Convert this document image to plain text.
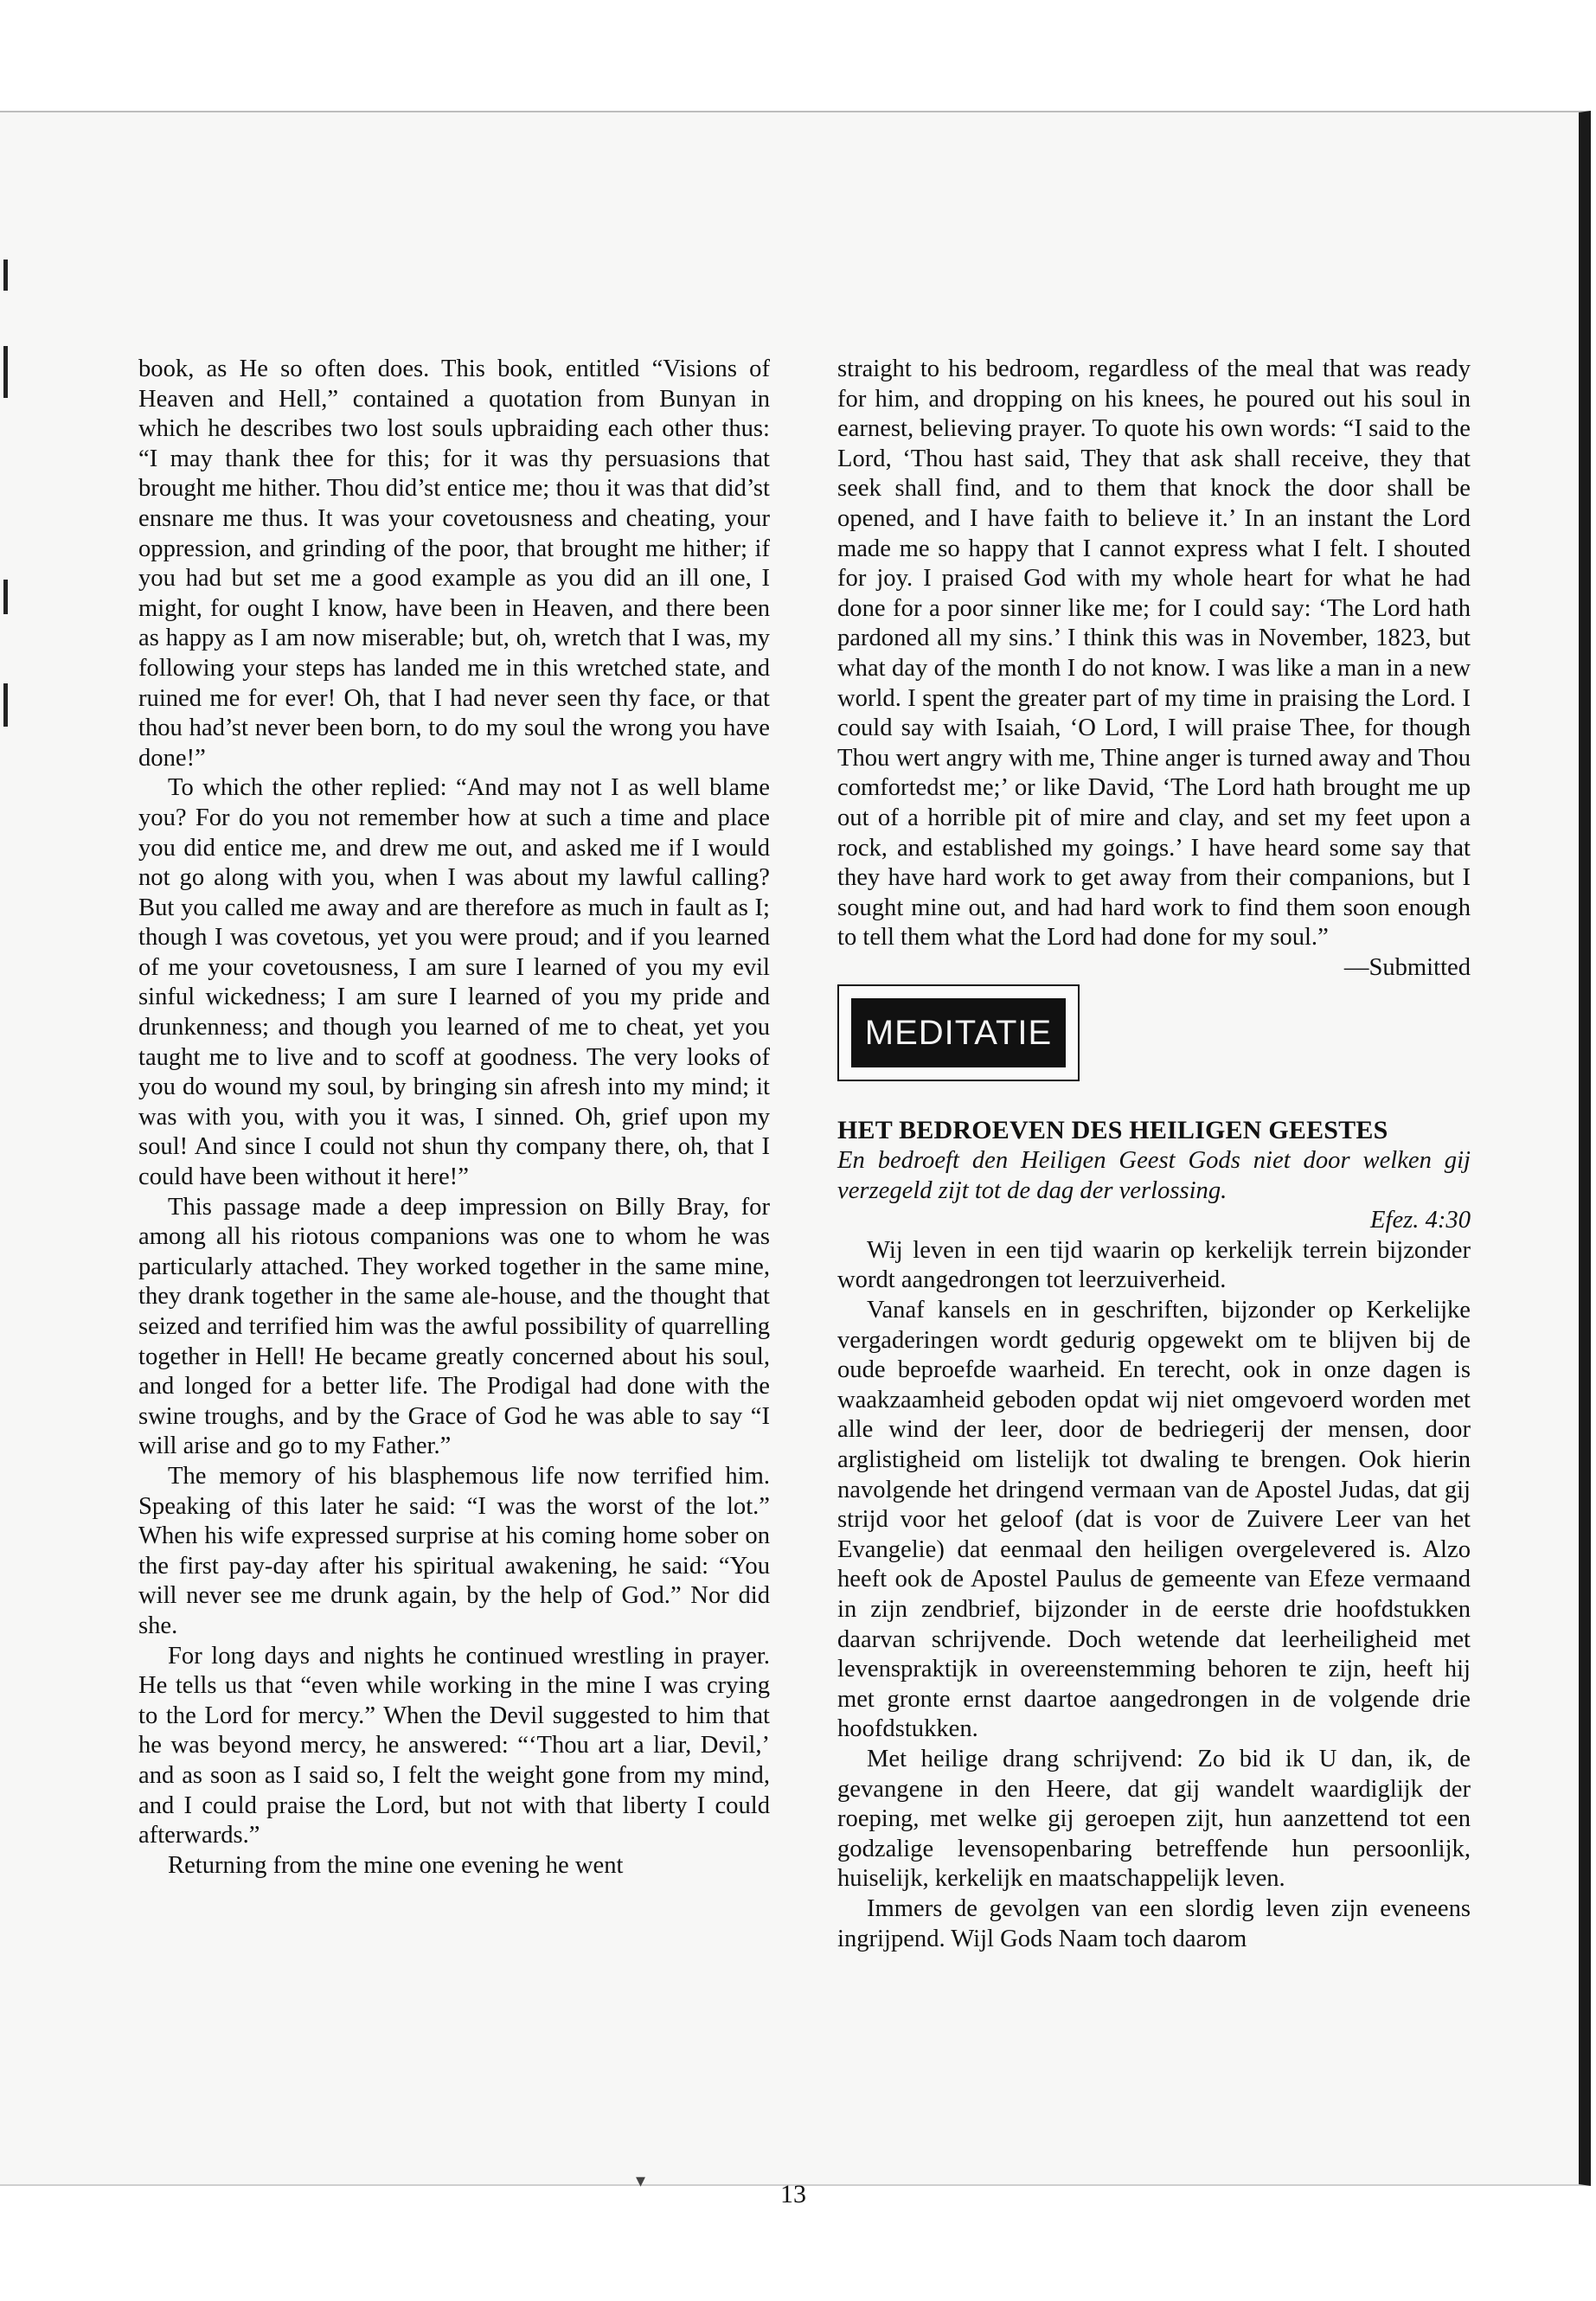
book, as He so often does. This book, entitled “Visions of Heaven and Hell,” contained a quotation from Bunyan in which he describes two lost souls upbraiding each other thus: “I may thank thee for this; for it was thy persuasions that brought me hither. Thou did’st entice me; thou it was that did’st ensnare me thus. It was your covetousness and cheating, your oppression, and grinding of the poor, that brought me hither; if you had but set me a good example as you did an ill one, I might, for ought I know, have been in Heaven, and there been as happy as I am now miserable; but, oh, wretch that I was, my following your steps has landed me in this wretched state, and ruined me for ever! Oh, that I had never seen thy face, or that thou had’st never been born, to do my soul the wrong you have done!”

To which the other replied: “And may not I as well blame you? For do you not remember how at such a time and place you did entice me, and drew me out, and asked me if I would not go along with you, when I was about my lawful calling? But you called me away and are therefore as much in fault as I; though I was covetous, yet you were proud; and if you learned of me your covetousness, I am sure I learned of you my evil sinful wickedness; I am sure I learned of you my pride and drunkenness; and though you learned of me to cheat, yet you taught me to live and to scoff at goodness. The very looks of you do wound my soul, by bringing sin afresh into my mind; it was with you, with you it was, I sinned. Oh, grief upon my soul! And since I could not shun thy company there, oh, that I could have been without it here!”

This passage made a deep impression on Billy Bray, for among all his riotous companions was one to whom he was particularly attached. They worked together in the same mine, they drank together in the same ale-house, and the thought that seized and terrified him was the awful possibility of quarrelling together in Hell! He became greatly concerned about his soul, and longed for a better life. The Prodigal had done with the swine troughs, and by the Grace of God he was able to say “I will arise and go to my Father.”

The memory of his blasphemous life now terrified him. Speaking of this later he said: “I was the worst of the lot.” When his wife expressed surprise at his coming home sober on the first pay-day after his spiritual awakening, he said: “You will never see me drunk again, by the help of God.” Nor did she.

For long days and nights he continued wrestling in prayer. He tells us that “even while working in the mine I was crying to the Lord for mercy.” When the Devil suggested to him that he was beyond mercy, he answered: “‘Thou art a liar, Devil,’ and as soon as I said so, I felt the weight gone from my mind, and I could praise the Lord, but not with that liberty I could afterwards.”

Returning from the mine one evening he went

straight to his bedroom, regardless of the meal that was ready for him, and dropping on his knees, he poured out his soul in earnest, believing prayer. To quote his own words: “I said to the Lord, ‘Thou hast said, They that ask shall receive, they that seek shall find, and to them that knock the door shall be opened, and I have faith to believe it.’ In an instant the Lord made me so happy that I cannot express what I felt. I shouted for joy. I praised God with my whole heart for what he had done for a poor sinner like me; for I could say: ‘The Lord hath pardoned all my sins.’ I think this was in November, 1823, but what day of the month I do not know. I was like a man in a new world. I spent the greater part of my time in praising the Lord. I could say with Isaiah, ‘O Lord, I will praise Thee, for though Thou wert angry with me, Thine anger is turned away and Thou comfortedst me;’ or like David, ‘The Lord hath brought me up out of a horrible pit of mire and clay, and set my feet upon a rock, and established my goings.’ I have heard some say that they have hard work to get away from their companions, but I sought mine out, and had hard work to find them soon enough to tell them what the Lord had done for my soul.”

—Submitted

MEDITATIE
HET BEDROEVEN DES HEILIGEN GEESTES

En bedroeft den Heiligen Geest Gods niet door welken gij verzegeld zijt tot de dag der verlossing.

Efez. 4:30

Wij leven in een tijd waarin op kerkelijk terrein bijzonder wordt aangedrongen tot leerzuiverheid.

Vanaf kansels en in geschriften, bijzonder op Kerkelijke vergaderingen wordt gedurig opgewekt om te blijven bij de oude beproefde waarheid. En terecht, ook in onze dagen is waakzaamheid geboden opdat wij niet omgevoerd worden met alle wind der leer, door de bedriegerij der mensen, door arglistigheid om listelijk tot dwaling te brengen. Ook hierin navolgende het dringend vermaan van de Apostel Judas, dat gij strijd voor het geloof (dat is voor de Zuivere Leer van het Evangelie) dat eenmaal den heiligen overgelevered is. Alzo heeft ook de Apostel Paulus de gemeente van Efeze vermaand in zijn zendbrief, bijzonder in de eerste drie hoofdstukken daarvan schrijvende. Doch wetende dat leerheiligheid met levenspraktijk in overeenstemming behoren te zijn, heeft hij met gronte ernst daartoe aangedrongen in de volgende drie hoofdstukken.

Met heilige drang schrijvend: Zo bid ik U dan, ik, de gevangene in den Heere, dat gij wandelt waardiglijk der roeping, met welke gij geroepen zijt, hun aanzettend tot een godzalige levensopenbaring betreffende hun persoonlijk, huiselijk, kerkelijk en maatschappelijk leven.

Immers de gevolgen van een slordig leven zijn eveneens ingrijpend. Wijl Gods Naam toch daarom

▾	13
